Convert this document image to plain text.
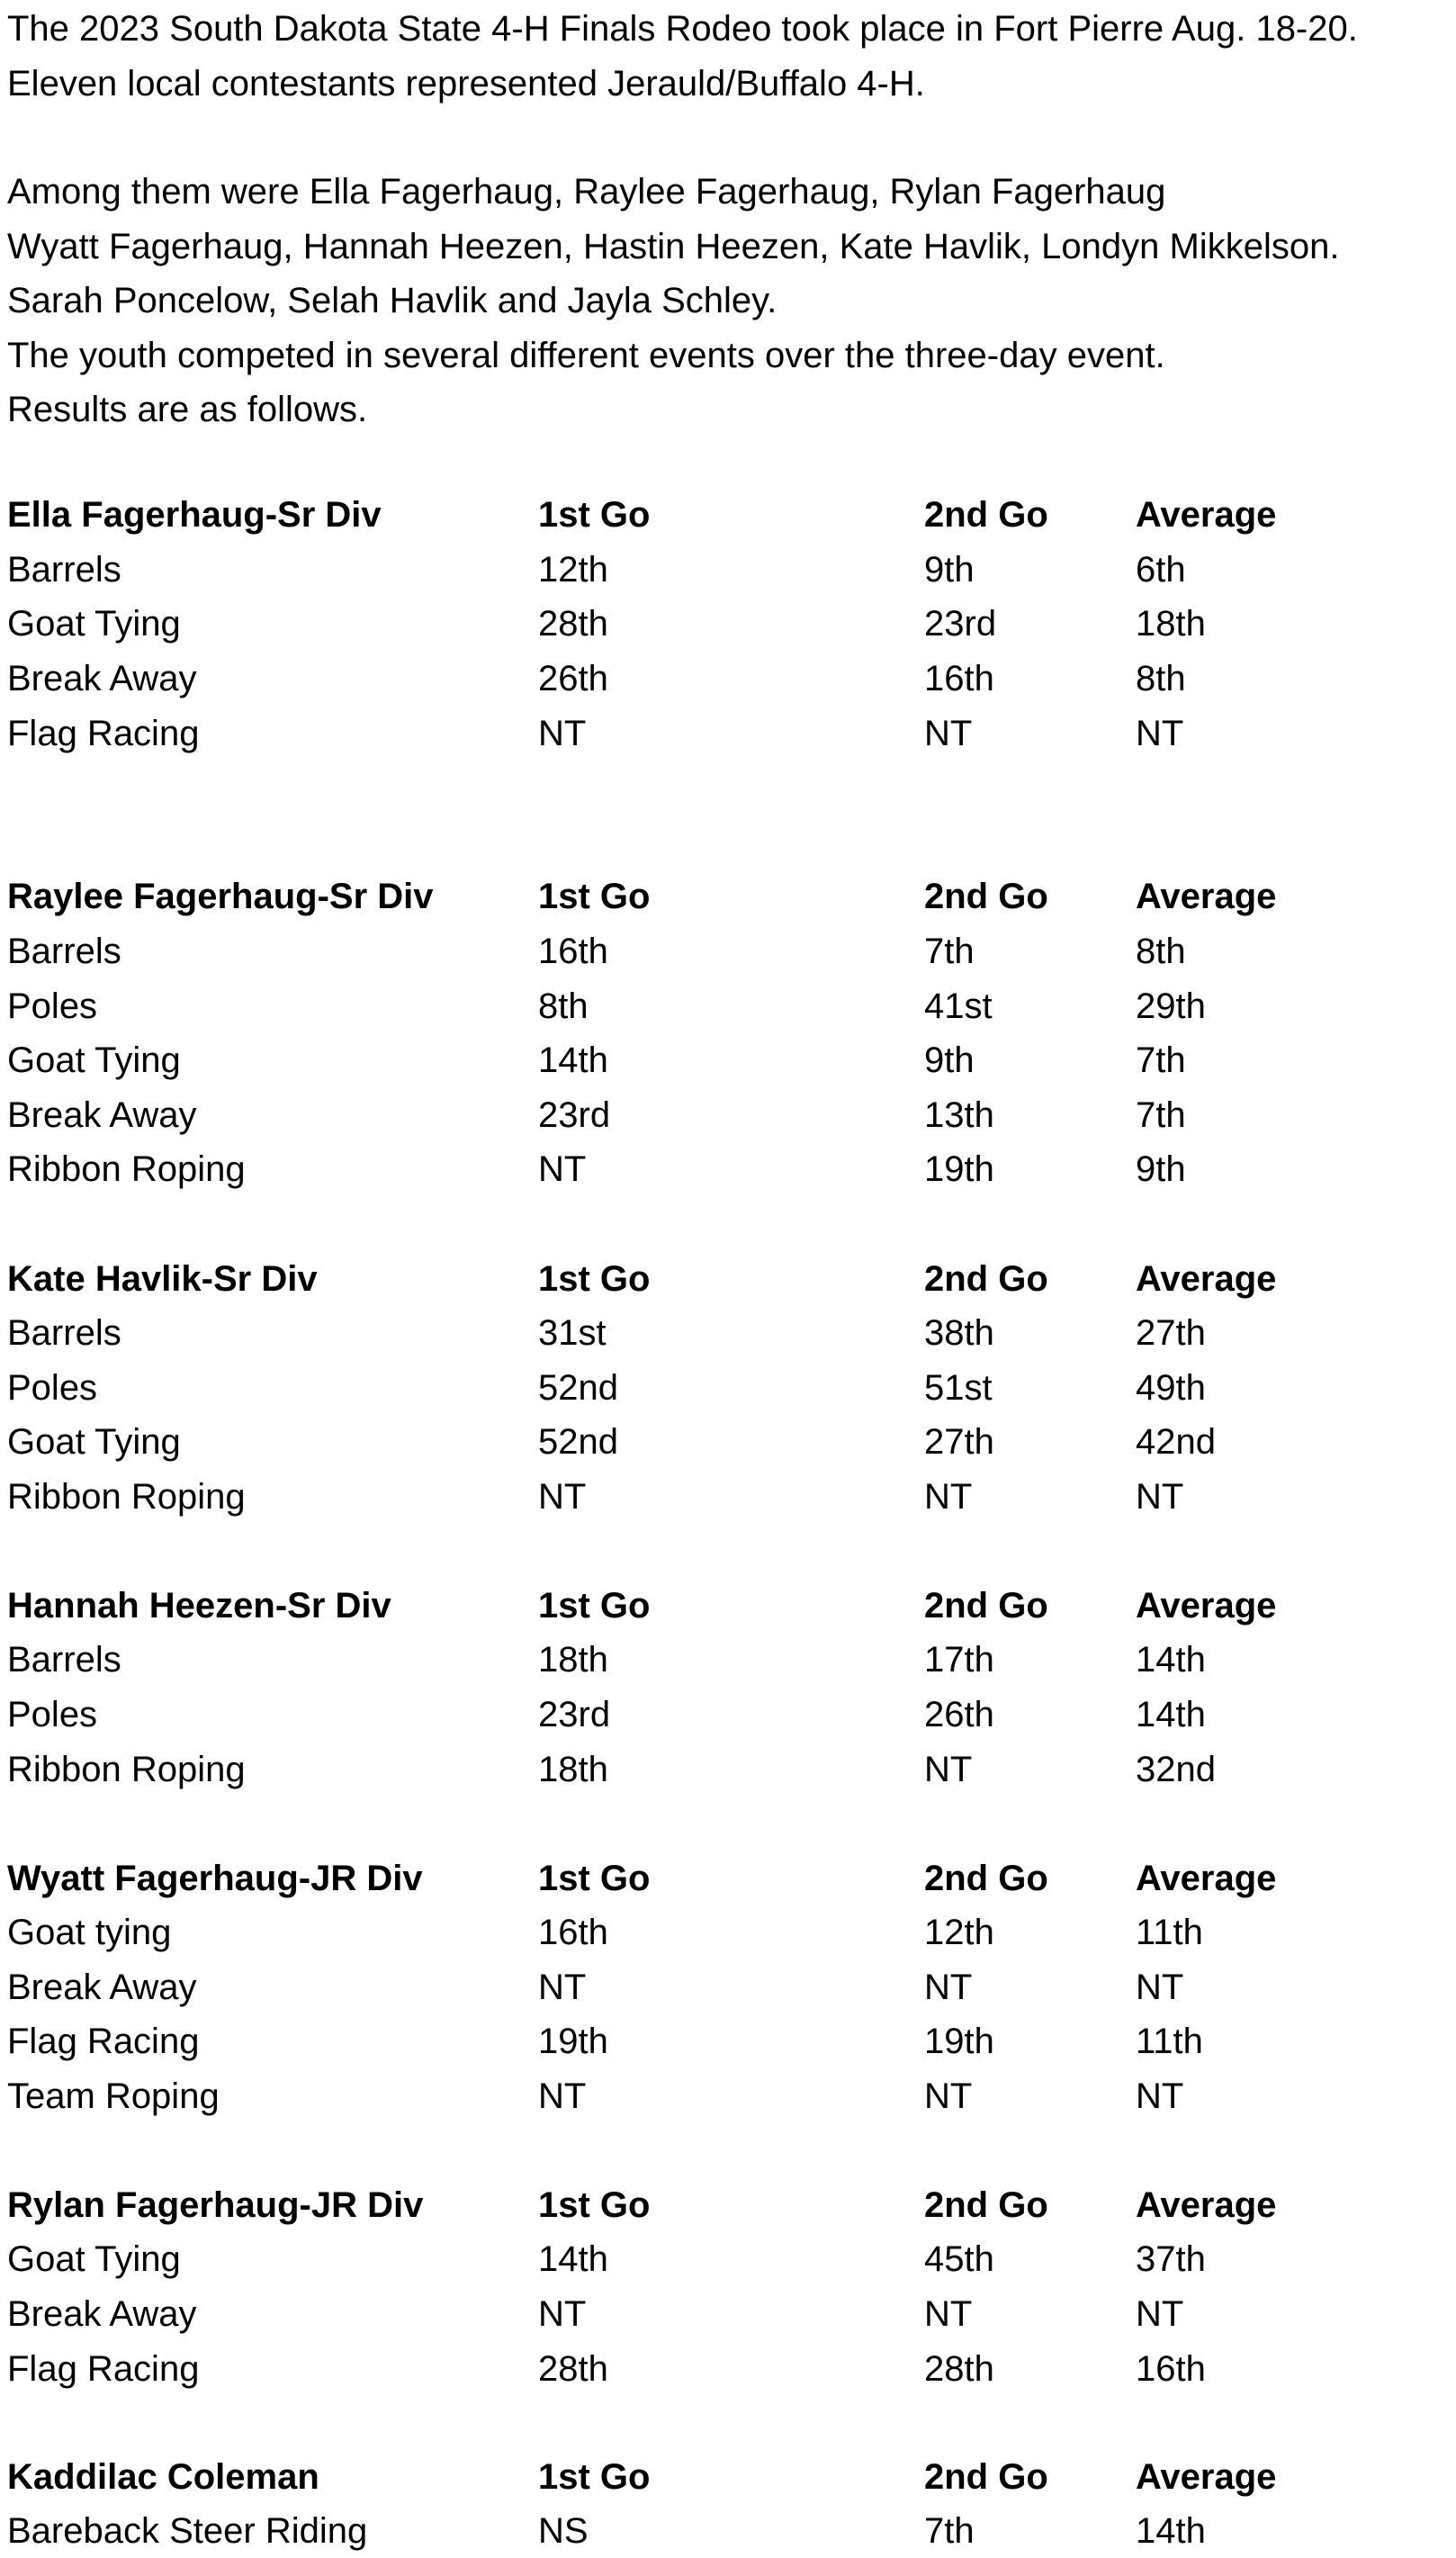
The 2023 South Dakota State 4-H Finals Rodeo took place in Fort Pierre Aug. 18-20.
Eleven local contestants represented Jerauld/Buffalo 4-H.
Among them were Ella Fagerhaug, Raylee Fagerhaug, Rylan Fagerhaug
Wyatt Fagerhaug, Hannah Heezen, Hastin Heezen, Kate Havlik, Londyn Mikkelson.
Sarah Poncelow, Selah Havlik and Jayla Schley.
The youth competed in several different events over the three-day event.
Results are as follows.
Ella Fagerhaug-Sr Div	1st Go	2nd Go Average
Barrels	12th	9th	6th
Goat Tying	28th	23rd	18th
Break Away	26th	16th	8th
Flag Racing	NT	NT	NT
Raylee Fagerhaug-Sr Div	1st Go	2nd Go Average
Barrels	16th	7th	8th
Poles	8th	41st	29th
Goat Tying	14th	9th	7th
Break Away	23rd	13th	7th
Ribbon Roping	NT	19th	9th
Kate Havlik-Sr Div	1st Go	2nd Go Average
Barrels	31st	38th	27th
Poles	52nd	51st	49th
Goat Tying	52nd	27th	42nd
Ribbon Roping	NT	NT	NT
Hannah Heezen-Sr Div	1st Go	2nd Go Average
Barrels	18th	17th	14th
Poles	23rd	26th	14th
Ribbon Roping	18th	NT	32nd
Wyatt Fagerhaug-JR Div	1st Go	2nd Go Average
Goat tying	16th	12th	11th
Break Away	NT	NT	NT
Flag Racing	19th	19th	11th
Team Roping	NT	NT	NT
Rylan Fagerhaug-JR Div	1st Go	2nd Go Average
Goat Tying	14th	45th	37th
Break Away	NT	NT	NT
Flag Racing	28th	28th	16th
Kaddilac Coleman	1st Go	2nd Go Average
Bareback Steer Riding	NS	7th	14th
